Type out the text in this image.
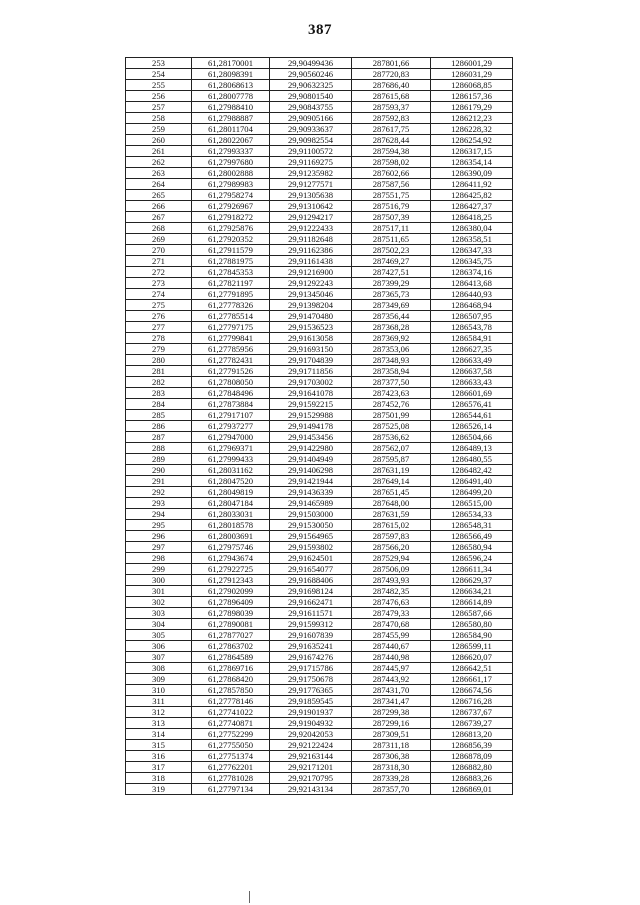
387
253	61,28170001	29,90499436	287801,66	1286001,29
254	61,28098391	29,90560246	287720,83	1286031,29
255	61,28068613	29,90632325	287686,40	1286068,85
256	61,28007778	29,90801540	287615,68	1286157,36
257	61,27988410	29,90843755	287593,37	1286179,29
258	61,27988887	29,90905166	287592,83	1286212,23
259	61,28011704	29,90933637	287617,75	1286228,32
260	61,28022067	29,90982554	287628,44	1286254,92
261	61,27993337	29,91100572	287594,38	1286317,15
262	61,27997680	29,91169275	287598,02	1286354,14
263	61,28002888	29,91235982	287602,66	1286390,09
264	61,27989983	29,91277571	287587,56	1286411,92
265	61,27958274	29,91305638	287551,75	1286425,82
266	61,27926967	29,91310642	287516,79	1286427,37
267	61,27918272	29,91294217	287507,39	1286418,25
268	61,27925876	29,91222433	287517,11	1286380,04
269	61,27920352	29,91182648	287511,65	1286358,51
270	61,27911579	29,91162386	287502,23	1286347,33
271	61,27881975	29,91161438	287469,27	1286345,75
272	61,27845353	29,91216900	287427,51	1286374,16
273	61,27821197	29,91292243	287399,29	1286413,68
274	61,27791895	29,91345046	287365,73	1286440,93
275	61,27778326	29,91398204	287349,69	1286468,94
276	61,27785514	29,91470480	287356,44	1286507,95
277	61,27797175	29,91536523	287368,28	1286543,78
278	61,27799841	29,91613058	287369,92	1286584,91
279	61,27785956	29,91693150	287353,06	1286627,35
280	61,27782431	29,91704839	287348,93	1286633,49
281	61,27791526	29,91711856	287358,94	1286637,58
282	61,27808050	29,91703002	287377,50	1286633,43
283	61,27848496	29,91641078	287423,63	1286601,69
284	61,27873884	29,91592215	287452,76	1286576,41
285	61,27917107	29,91529988	287501,99	1286544,61
286	61,27937277	29,91494178	287525,08	1286526,14
287	61,27947000	29,91453456	287536,62	1286504,66
288	61,27969371	29,91422980	287562,07	1286489,13
289	61,27999433	29,91404949	287595,87	1286480,55
290	61,28031162	29,91406298	287631,19	1286482,42
291	61,28047520	29,91421944	287649,14	1286491,40
292	61,28049819	29,91436339	287651,45	1286499,20
293	61,28047184	29,91465989	287648,00	1286515,00
294	61,28033031	29,91503000	287631,59	1286534,33
295	61,28018578	29,91530050	287615,02	1286548,31
296	61,28003691	29,91564965	287597,83	1286566,49
297	61,27975746	29,91593802	287566,20	1286580,94
298	61,27943674	29,91624501	287529,94	1286596,24
299	61,27922725	29,91654077	287506,09	1286611,34
300	61,27912343	29,91688406	287493,93	1286629,37
301	61,27902099	29,91698124	287482,35	1286634,21
302	61,27896409	29,91662471	287476,63	1286614,89
303	61,27898039	29,91611571	287479,33	1286587,66
304	61,27890081	29,91599312	287470,68	1286580,80
305	61,27877027	29,91607839	287455,99	1286584,90
306	61,27863702	29,91635241	287440,67	1286599,11
307	61,27864589	29,91674276	287440,98	1286620,07
308	61,27869716	29,91715786	287445,97	1286642,51
309	61,27868420	29,91750678	287443,92	1286661,17
310	61,27857850	29,91776365	287431,70	1286674,56
311	61,27778146	29,91859545	287341,47	1286716,28
312	61,27741022	29,91901937	287299,38	1286737,67
313	61,27740871	29,91904932	287299,16	1286739,27
314	61,27752299	29,92042053	287309,51	1286813,20
315	61,27755050	29,92122424	287311,18	1286856,39
316	61,27751374	29,92163144	287306,38	1286878,09
317	61,27762201	29,92171201	287318,30	1286882,80
318	61,27781028	29,92170795	287339,28	1286883,26
319	61,27797134	29,92143134	287357,70	1286869,01
